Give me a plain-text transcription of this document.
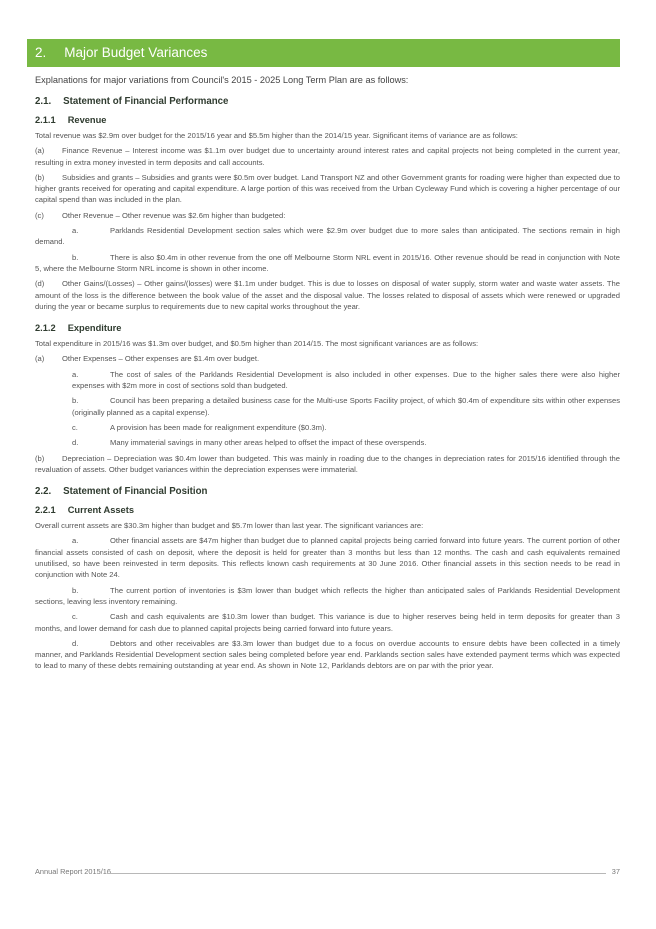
2. Major Budget Variances

Explanations for major variations from Council's 2015 - 2025 Long Term Plan are as follows:

2.1. Statement of Financial Performance
2.1.1 Revenue

Total revenue was $2.9m over budget for the 2015/16 year and $5.5m higher than the 2014/15 year. Significant items of variance are as follows:

(a) Finance Revenue – Interest income was $1.1m over budget due to uncertainty around interest rates and capital projects not being completed in the current year, resulting in extra money invested in term deposits and call accounts.

(b) Subsidies and grants – Subsidies and grants were $0.5m over budget. Land Transport NZ and other Government grants for roading were higher than expected due to higher grants received for operating and capital expenditure. A large portion of this was received from the Urban Cycleway Fund which is covering a higher percentage of our capital spend than was included in the plan.

(c) Other Revenue – Other revenue was $2.6m higher than budgeted:

a.	Parklands Residential Development section sales which were $2.9m over budget due to more sales than anticipated. The sections remain in high demand.

b.	There is also $0.4m in other revenue from the one off Melbourne Storm NRL event in 2015/16. Other revenue should be read in conjunction with Note 5, where the Melbourne Storm NRL income is shown in other income.

(d) Other Gains/(Losses) – Other gains/(losses) were $1.1m under budget. This is due to losses on disposal of water supply, storm water and waste water assets. The amount of the loss is the difference between the book value of the asset and the disposal value. The losses related to disposal of assets which were renewed or upgraded during the year or became surplus to requirements due to new capital works throughout the year.

2.1.2 Expenditure

Total expenditure in 2015/16 was $1.3m over budget, and $0.5m higher than 2014/15. The most significant variances are as follows:

(a) Other Expenses – Other expenses are $1.4m over budget.

a.	The cost of sales of the Parklands Residential Development is also included in other expenses. Due to the higher sales there were also higher expenses with $2m more in cost of sections sold than budgeted.

b.	Council has been preparing a detailed business case for the Multi-use Sports Facility project, of which $0.4m of expenditure sits within other expenses (originally planned as a capital expense).

c.	A provision has been made for realignment expenditure ($0.3m).

d.	Many immaterial savings in many other areas helped to offset the impact of these overspends.

(b) Depreciation – Depreciation was $0.4m lower than budgeted. This was mainly in roading due to the changes in depreciation rates for 2015/16 identified through the revaluation of assets. Other budget variances within the depreciation expenses were immaterial.

2.2. Statement of Financial Position
2.2.1 Current Assets

Overall current assets are $30.3m higher than budget and $5.7m lower than last year. The significant variances are:

a.	Other financial assets are $47m higher than budget due to planned capital projects being carried forward into future years. The current portion of other financial assets consisted of cash on deposit, where the deposit is held for greater than 3 months but less than 12 months. The cash and cash equivalents remained unutilised, so have been reinvested in term deposits. This reflects known cash requirements at 30 June 2016. Other financial assets in this section needs to be read in conjunction with Note 24.

b.	The current portion of inventories is $3m lower than budget which reflects the higher than anticipated sales of Parklands Residential Development sections, leaving less inventory remaining.

c.	Cash and cash equivalents are $10.3m lower than budget. This variance is due to higher reserves being held in term deposits for greater than 3 months, and lower demand for cash due to planned capital projects being carried forward into future years.

d.	Debtors and other receivables are $3.3m lower than budget due to a focus on overdue accounts to ensure debts have been collected in a timely manner, and Parklands Residential Development section sales being completed before year end. Parklands section sales have extended payment terms which was expected to lead to many of these debts remaining outstanding at year end. As shown in Note 12, Parklands debtors are on par with the prior year.

Annual Report 2015/16	37
